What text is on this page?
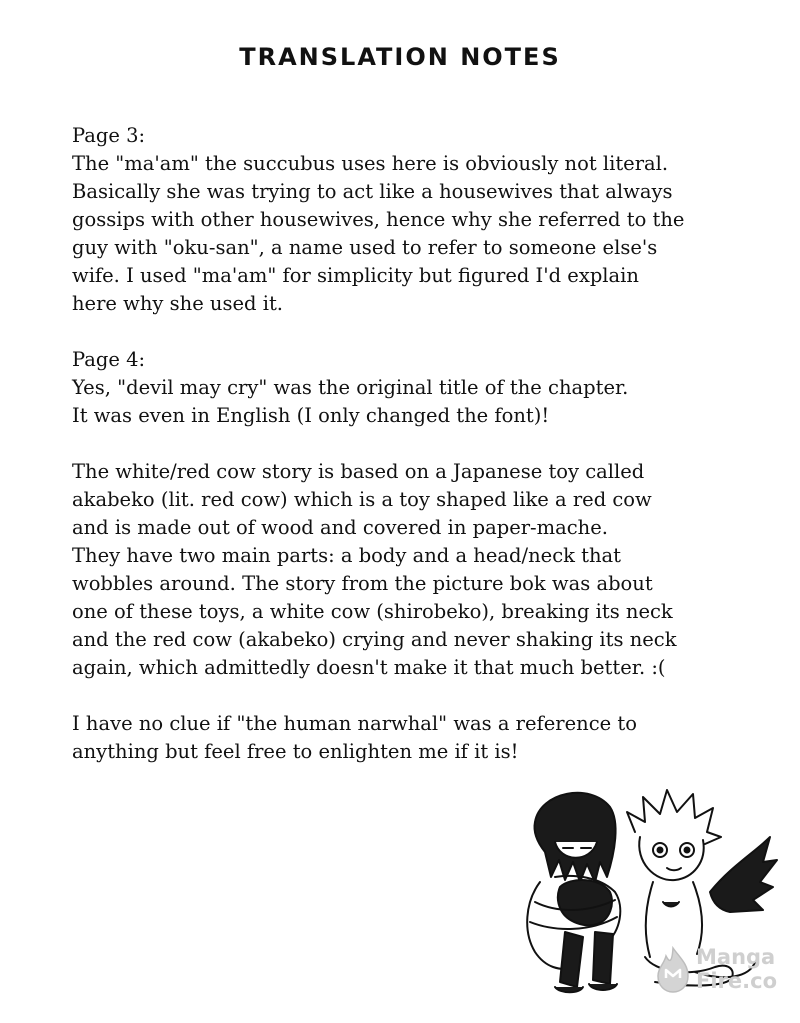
TRANSLATION NOTES
Page 3:
The "ma'am" the succubus uses here is obviously not literal.
Basically she was trying to act like a housewives that always
gossips with other housewives, hence why she referred to the
guy with "oku-san", a name used to refer to someone else's
wife. I used "ma'am" for simplicity but figured I'd explain
here why she used it.
Page 4:
Yes, "devil may cry" was the original title of the chapter.
It was even in English (I only changed the font)!
The white/red cow story is based on a Japanese toy called
akabeko (lit. red cow) which is a toy shaped like a red cow
and is made out of wood and covered in paper-mache.
They have two main parts: a body and a head/neck that
wobbles around. The story from the picture bok was about
one of these toys, a white cow (shirobeko), breaking its neck
and the red cow (akabeko) crying and never shaking its neck
again, which admittedly doesn't make it that much better. :(
I have no clue if "the human narwhal" was a reference to
anything but feel free to enlighten me if it is!
Manga
Fire.co
